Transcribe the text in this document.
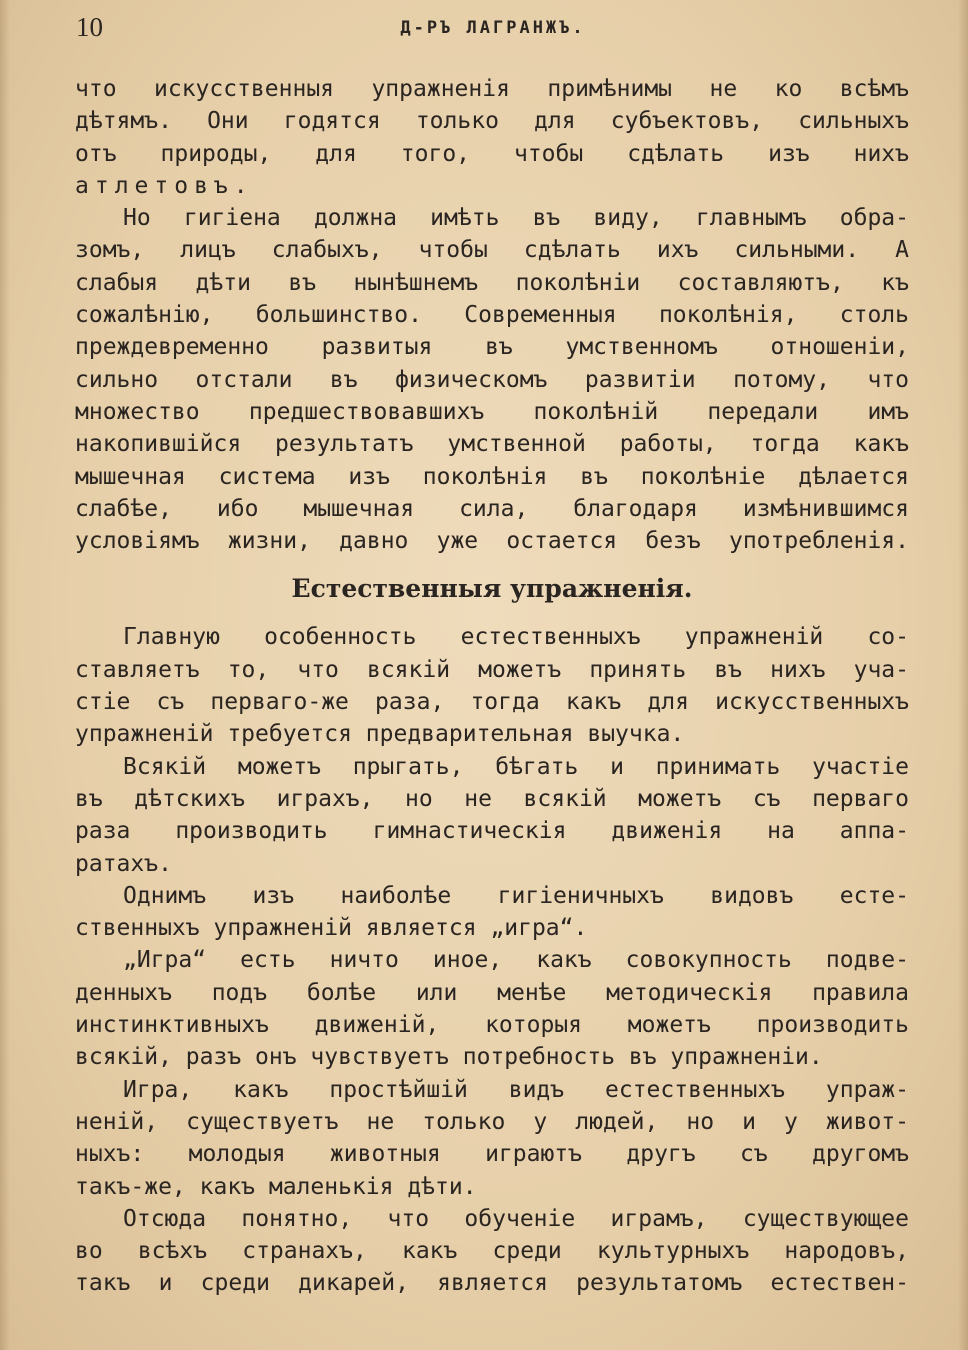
10	Д-РЪ ЛАГРАНЖЪ.
что искусственныя упражненія примѣнимы не ко всѣмъ
дѣтямъ. Они годятся только для субъектовъ, сильныхъ
отъ природы, для того, чтобы сдѣлать изъ нихъ
атлетовъ.
Но гигіена должна имѣть въ виду, главнымъ обра-
зомъ, лицъ слабыхъ, чтобы сдѣлать ихъ сильными. А
слабыя дѣти въ нынѣшнемъ поколѣніи составляютъ, къ
сожалѣнію, большинство. Современныя поколѣнія, столь
преждевременно развитыя въ умственномъ отношеніи,
сильно отстали въ физическомъ развитіи потому, что
множество предшествовавшихъ поколѣній передали имъ
накопившійся результатъ умственной работы, тогда какъ
мышечная система изъ поколѣнія въ поколѣніе дѣлается
слабѣе, ибо мышечная сила, благодаря измѣнившимся
условіямъ жизни, давно уже остается безъ употребленія.
Естественныя упражненія.
Главную особенность естественныхъ упражненій со-
ставляетъ то, что всякій можетъ принять въ нихъ уча-
стіе съ перваго-же раза, тогда какъ для искусственныхъ
упражненій требуется предварительная выучка.
Всякій можетъ прыгать, бѣгать и принимать участіе
въ дѣтскихъ играхъ, но не всякій можетъ съ перваго
раза производить гимнастическія движенія на аппа-
ратахъ.
Однимъ изъ наиболѣе гигіеничныхъ видовъ есте-
ственныхъ упражненій является „игра“.
„Игра“ есть ничто иное, какъ совокупность подве-
денныхъ подъ болѣе или менѣе методическія правила
инстинктивныхъ движеній, которыя можетъ производить
всякій, разъ онъ чувствуетъ потребность въ упражненіи.
Игра, какъ простѣйшій видъ естественныхъ упраж-
неній, существуетъ не только у людей, но и у живот-
ныхъ: молодыя животныя играютъ другъ съ другомъ
такъ-же, какъ маленькія дѣти.
Отсюда понятно, что обученіе играмъ, существующее
во всѣхъ странахъ, какъ среди культурныхъ народовъ,
такъ и среди дикарей, является результатомъ естествен-
